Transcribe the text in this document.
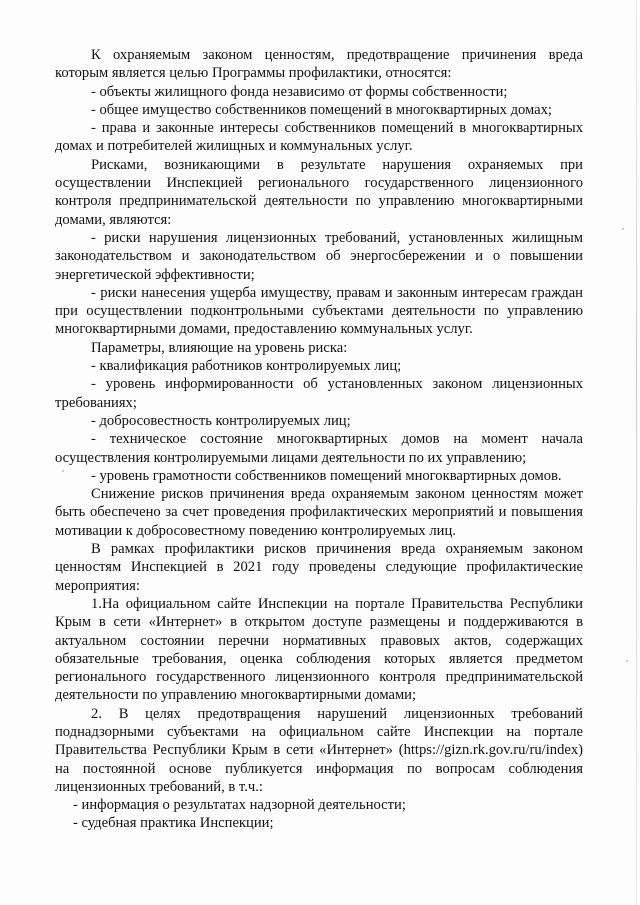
К охраняемым законом ценностям, предотвращение причинения вреда которым является целью Программы профилактики, относятся:

- объекты жилищного фонда независимо от формы собственности;

- общее имущество собственников помещений в многоквартирных домах;

- права и законные интересы собственников помещений в многоквартирных домах и потребителей жилищных и коммунальных услуг.

Рисками, возникающими в результате нарушения охраняемых при осуществлении Инспекцией регионального государственного лицензионного контроля предпринимательской деятельности по управлению многоквартирными домами, являются:

- риски нарушения лицензионных требований, установленных жилищным законодательством и законодательством об энергосбережении и о повышении энергетической эффективности;

- риски нанесения ущерба имуществу, правам и законным интересам граждан при осуществлении подконтрольными субъектами деятельности по управлению многоквартирными домами, предоставлению коммунальных услуг.

Параметры, влияющие на уровень риска:

- квалификация работников контролируемых лиц;

- уровень информированности об установленных законом лицензионных требованиях;

- добросовестность контролируемых лиц;

- техническое состояние многоквартирных домов на момент начала осуществления контролируемыми лицами деятельности по их управлению;

- уровень грамотности собственников помещений многоквартирных домов.

Снижение рисков причинения вреда охраняемым законом ценностям может быть обеспечено за счет проведения профилактических мероприятий и повышения мотивации к добросовестному поведению контролируемых лиц.

В рамках профилактики рисков причинения вреда охраняемым законом ценностям Инспекцией в 2021 году проведены следующие профилактические мероприятия:

1.На официальном сайте Инспекции на портале Правительства Республики Крым в сети «Интернет» в открытом доступе размещены и поддерживаются в актуальном состоянии перечни нормативных правовых актов, содержащих обязательные требования, оценка соблюдения которых является предметом регионального государственного лицензионного контроля предпринимательской деятельности по управлению многоквартирными домами;

2. В целях предотвращения нарушений лицензионных требований поднадзорными субъектами на официальном сайте Инспекции на портале Правительства Республики Крым в сети «Интернет» (https://gizn.rk.gov.ru/ru/index) на постоянной основе публикуется информация по вопросам соблюдения лицензионных требований, в т.ч.:

- информация о результатах надзорной деятельности;

- судебная практика Инспекции;
